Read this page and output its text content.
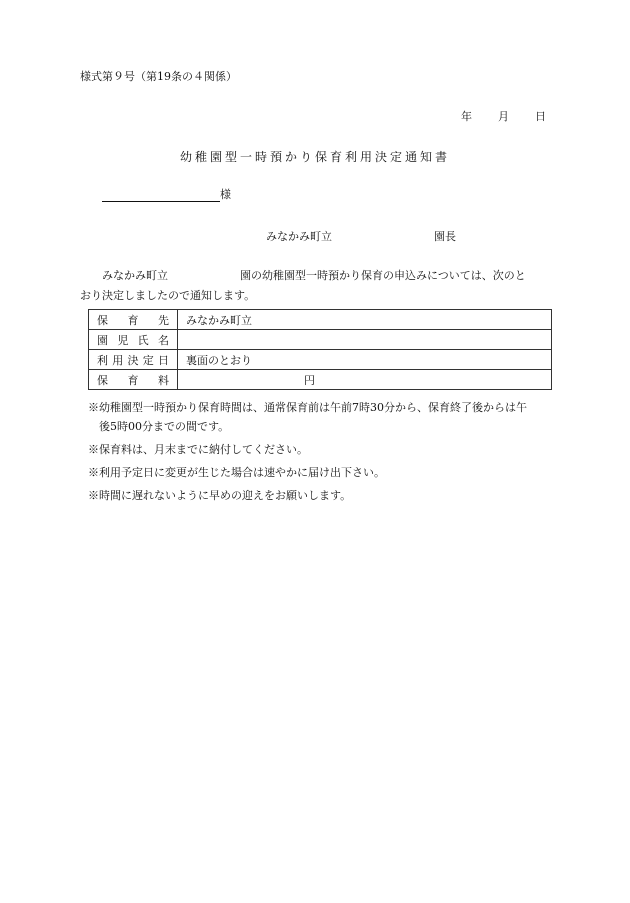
様式第９号（第19条の４関係）
年 月 日
幼稚園型一時預かり保育利用決定通知書
様
みなかみ町立	園長
みなかみ町立	園の幼稚園型一時預かり保育の申込みについては、次のと
おり決定しましたので通知します。
保 育 先	みなかみ町立

園 児 氏 名	

利 用 決 定 日	裏面のとおり

保 育 料	円
※幼稚園型一時預かり保育時間は、通常保育前は午前7時30分から、保育終了後からは午
後5時00分までの間です。
※保育料は、月末までに納付してください。
※利用予定日に変更が生じた場合は速やかに届け出下さい。
※時間に遅れないように早めの迎えをお願いします。
